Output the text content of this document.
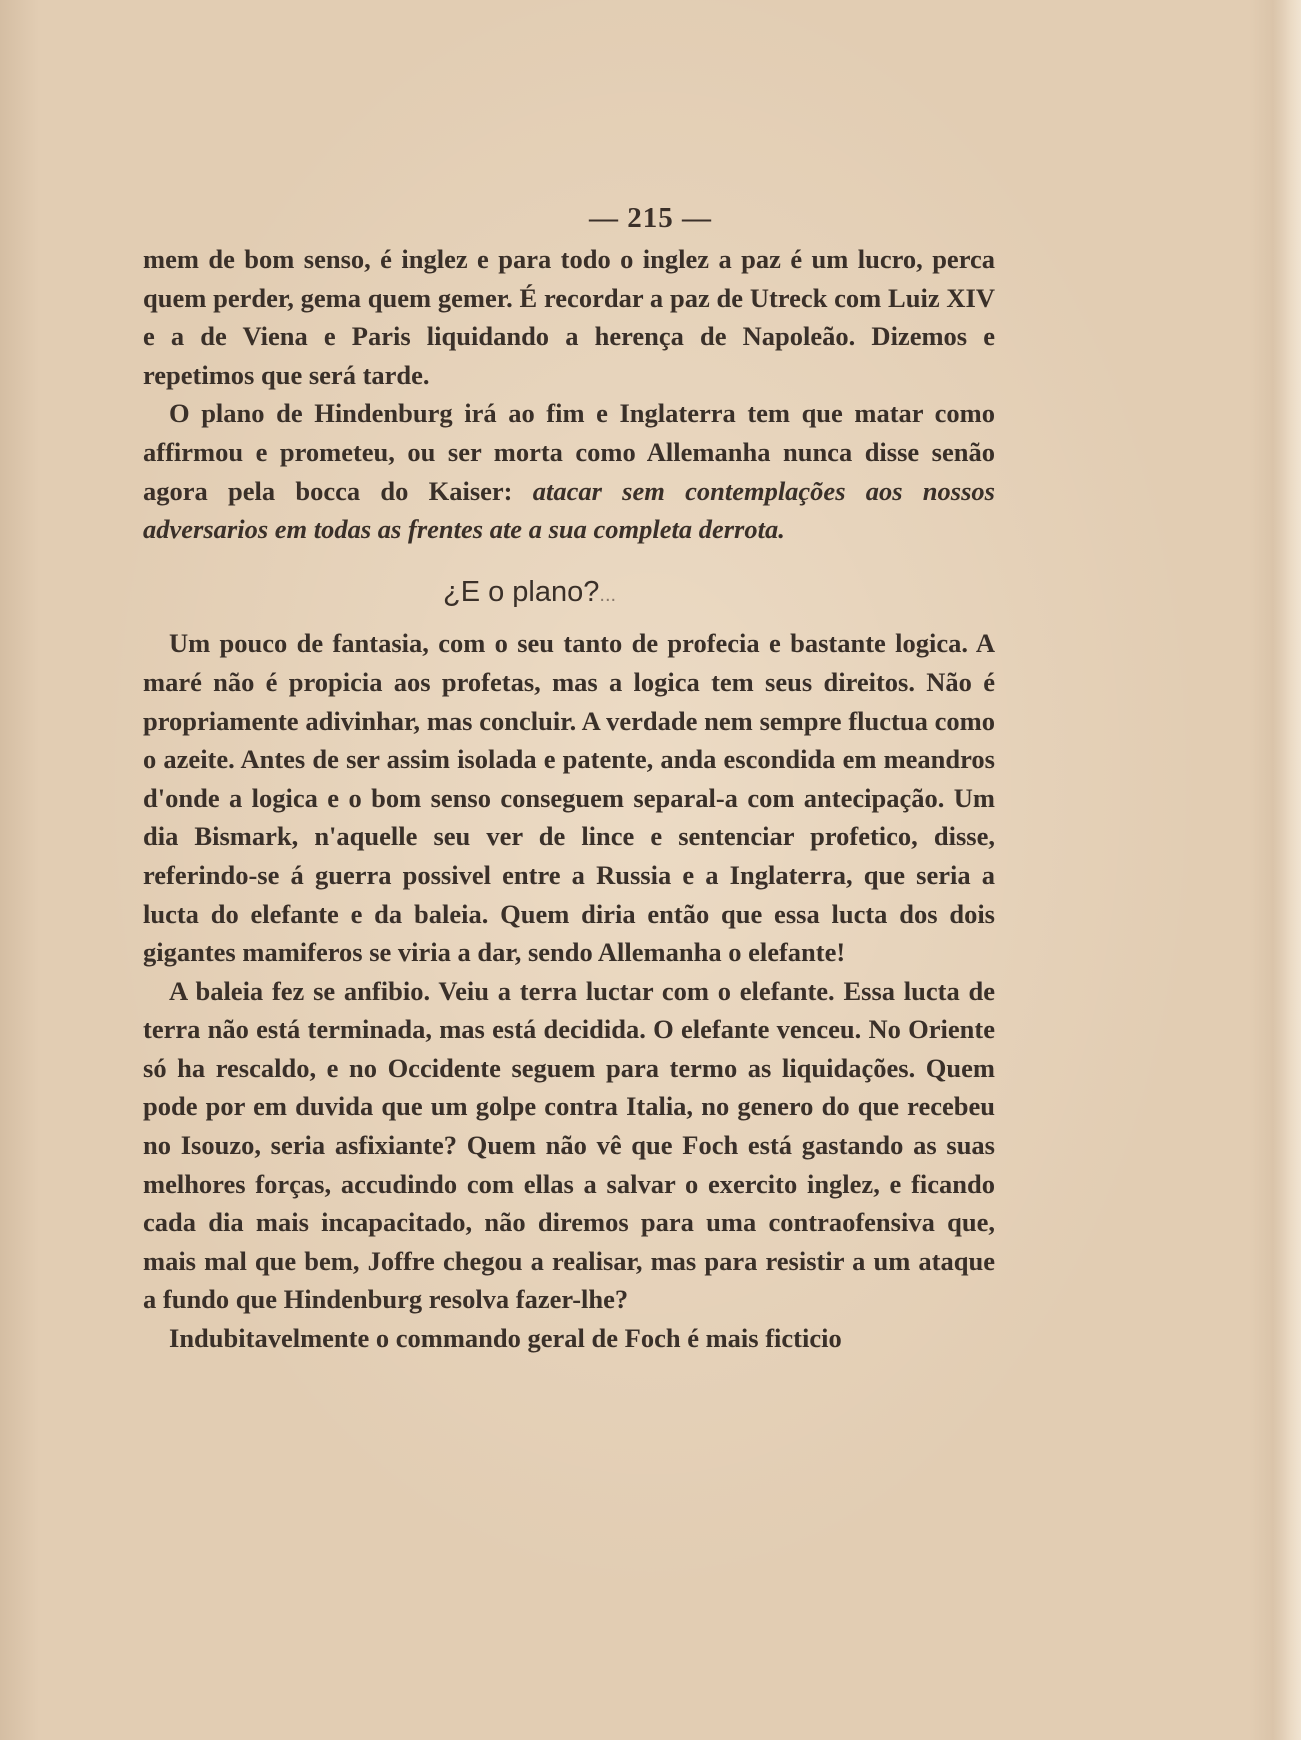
— 215 —

mem de bom senso, é inglez e para todo o inglez a paz é um lucro, perca quem perder, gema quem gemer. É recordar a paz de Utreck com Luiz XIV e a de Viena e Paris liquidando a herença de Napoleão. Dizemos e repetimos que será tarde.

O plano de Hindenburg irá ao fim e Inglaterra tem que matar como affirmou e prometeu, ou ser morta como Allemanha nunca disse senão agora pela bocca do Kaiser: atacar sem contemplações aos nossos adversarios em todas as frentes ate a sua completa derrota.

¿E o plano?...

Um pouco de fantasia, com o seu tanto de profecia e bastante logica. A maré não é propicia aos profetas, mas a logica tem seus direitos. Não é propriamente adivinhar, mas concluir. A verdade nem sempre fluctua como o azeite. Antes de ser assim isolada e patente, anda escondida em meandros d'onde a logica e o bom senso conseguem separal-a com antecipação. Um dia Bismark, n'aquelle seu ver de lince e sentenciar profetico, disse, referindo-se á guerra possivel entre a Russia e a Inglaterra, que seria a lucta do elefante e da baleia. Quem diria então que essa lucta dos dois gigantes mamiferos se viria a dar, sendo Allemanha o elefante!

A baleia fez se anfibio. Veiu a terra luctar com o elefante. Essa lucta de terra não está terminada, mas está decidida. O elefante venceu. No Oriente só ha rescaldo, e no Occidente seguem para termo as liquidações. Quem pode por em duvida que um golpe contra Italia, no genero do que recebeu no Isouzo, seria asfixiante? Quem não vê que Foch está gastando as suas melhores forças, accudindo com ellas a salvar o exercito inglez, e ficando cada dia mais incapacitado, não diremos para uma contraofensiva que, mais mal que bem, Joffre chegou a realisar, mas para resistir a um ataque a fundo que Hindenburg resolva fazer-lhe?

Indubitavelmente o commando geral de Foch é mais ficticio
